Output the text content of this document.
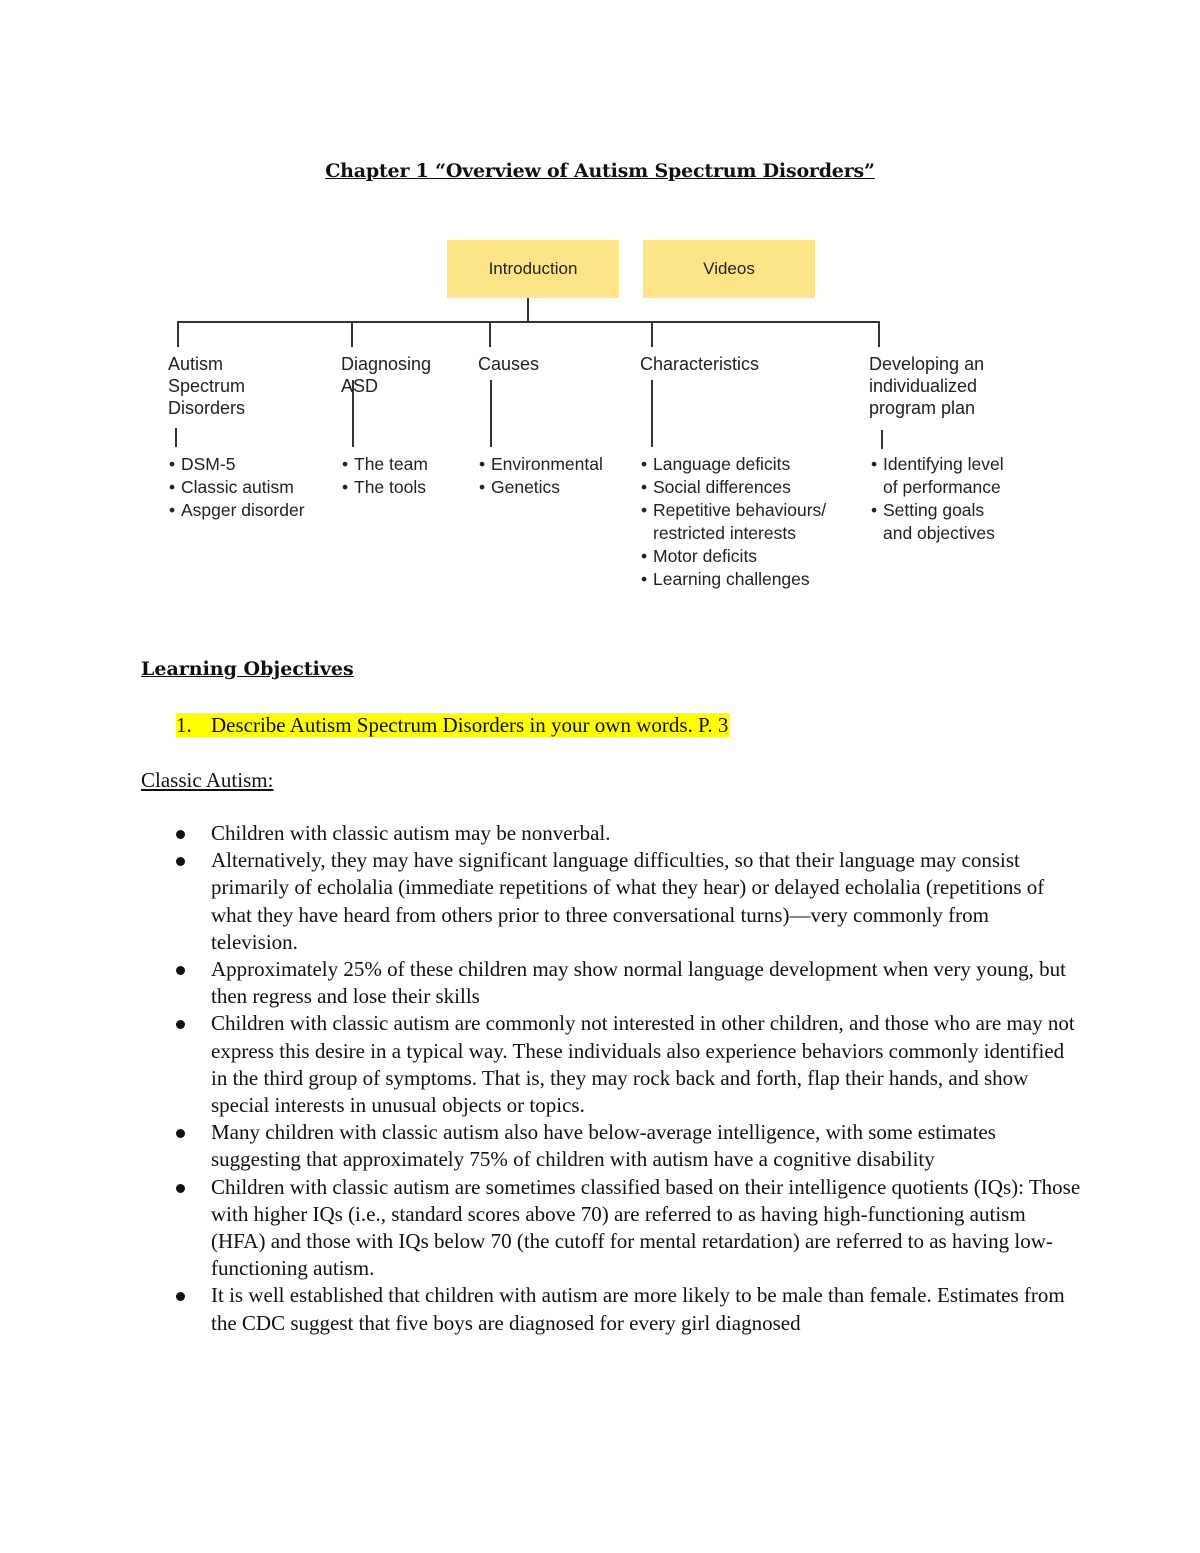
Chapter 1 “Overview of Autism Spectrum Disorders”
Introduction	Videos
Autism
Spectrum
Disorders
Diagnosing
ASD
Causes	Characteristics	Developing an
individualized
program plan
• DSM-5
• Classic autism
• Aspger disorder
• The team
• The tools
• Environmental
• Genetics
• Language deficits
• Social differences
• Repetitive behaviours/
restricted interests
• Motor deficits
• Learning challenges
• Identifying level
of performance
• Setting goals
and objectives
Learning Objectives
1. Describe Autism Spectrum Disorders in your own words. P. 3
Classic Autism:
Children with classic autism may be nonverbal.
Alternatively, they may have significant language difficulties, so that their language may consist primarily of echolalia (immediate repetitions of what they hear) or delayed echolalia (repetitions of what they have heard from others prior to three conversational turns)—very commonly from television.
Approximately 25% of these children may show normal language development when very young, but then regress and lose their skills
Children with classic autism are commonly not interested in other children, and those who are may not express this desire in a typical way. These individuals also experience behaviors commonly identified in the third group of symptoms. That is, they may rock back and forth, flap their hands, and show special interests in unusual objects or topics.
Many children with classic autism also have below-average intelligence, with some estimates suggesting that approximately 75% of children with autism have a cognitive disability
Children with classic autism are sometimes classified based on their intelligence quotients (IQs): Those with higher IQs (i.e., standard scores above 70) are referred to as having high-functioning autism (HFA) and those with IQs below 70 (the cutoff for mental retardation) are referred to as having low-functioning autism.
It is well established that children with autism are more likely to be male than female. Estimates from the CDC suggest that five boys are diagnosed for every girl diagnosed
